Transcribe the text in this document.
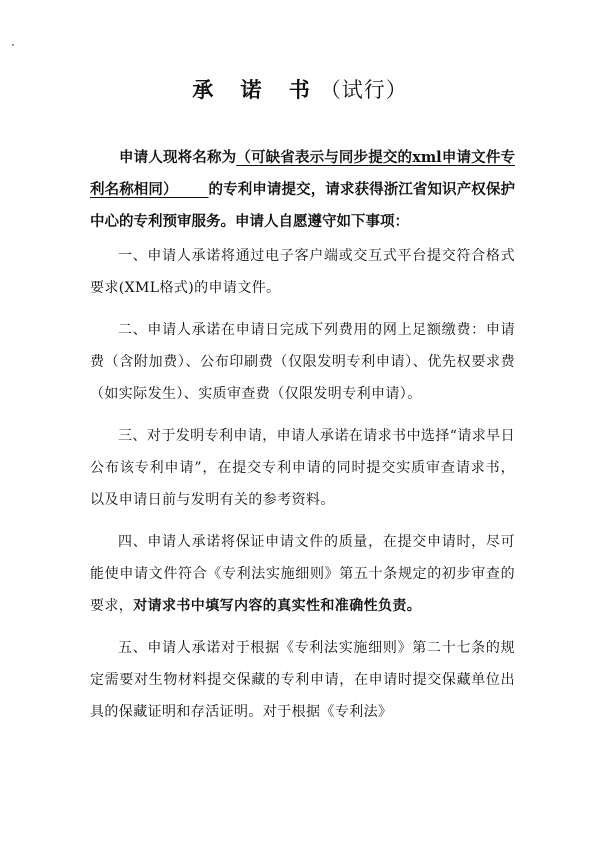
承 诺 书（试行）

申请人现将名称为（可缺省表示与同步提交的xml申请文件专利名称相同） 的专利申请提交，请求获得浙江省知识产权保护中心的专利预审服务。申请人自愿遵守如下事项：

一、申请人承诺将通过电子客户端或交互式平台提交符合格式要求(XML格式)的申请文件。

二、申请人承诺在申请日完成下列费用的网上足额缴费：申请费（含附加费）、公布印刷费（仅限发明专利申请）、优先权要求费（如实际发生）、实质审查费（仅限发明专利申请）。

三、对于发明专利申请，申请人承诺在请求书中选择“请求早日公布该专利申请”，在提交专利申请的同时提交实质审查请求书，以及申请日前与发明有关的参考资料。

四、申请人承诺将保证申请文件的质量，在提交申请时，尽可能使申请文件符合《专利法实施细则》第五十条规定的初步审查的要求，对请求书中填写内容的真实性和准确性负责。

五、申请人承诺对于根据《专利法实施细则》第二十七条的规定需要对生物材料提交保藏的专利申请，在申请时提交保藏单位出具的保藏证明和存活证明。对于根据《专利法》
